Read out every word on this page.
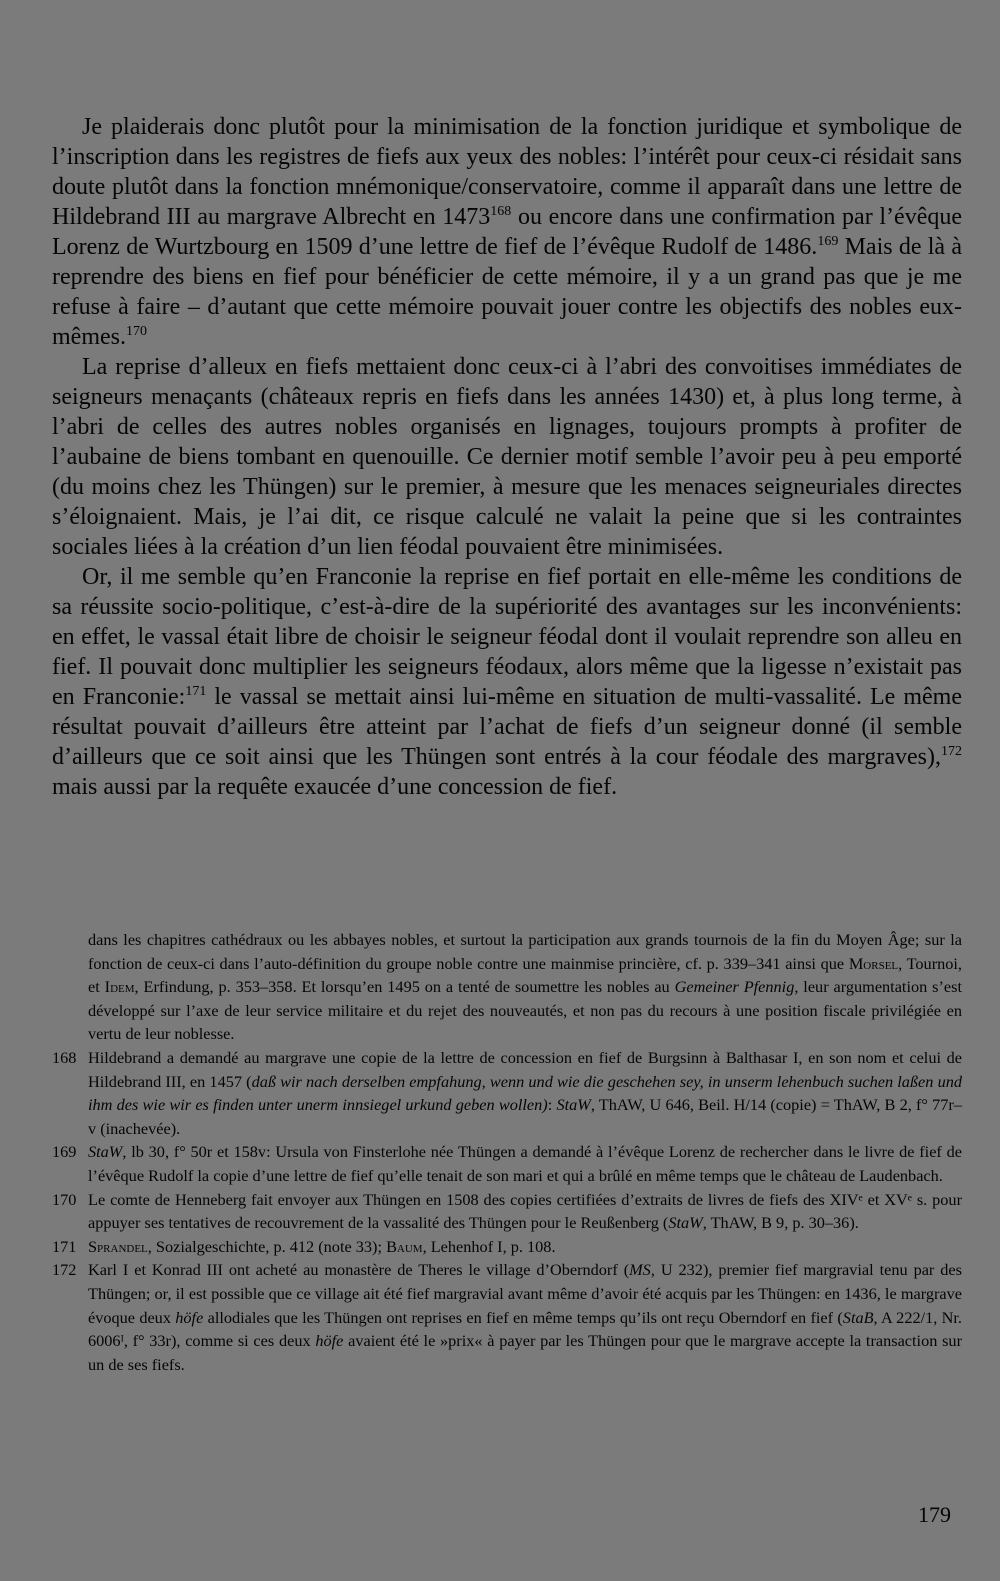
Je plaiderais donc plutôt pour la minimisation de la fonction juridique et symbolique de l’inscription dans les registres de fiefs aux yeux des nobles: l’intérêt pour ceux-ci résidait sans doute plutôt dans la fonction mnémonique/conservatoire, comme il apparaît dans une lettre de Hildebrand III au margrave Albrecht en 1473$^{168}$ ou encore dans une confirmation par l’évêque Lorenz de Wurtzbourg en 1509 d’une lettre de fief de l’évêque Rudolf de 1486.$^{169}$ Mais de là à reprendre des biens en fief pour bénéficier de cette mémoire, il y a un grand pas que je me refuse à faire – d’autant que cette mémoire pouvait jouer contre les objectifs des nobles eux-mêmes.$^{170}$

La reprise d’alleux en fiefs mettaient donc ceux-ci à l’abri des convoitises immédiates de seigneurs menaçants (châteaux repris en fiefs dans les années 1430) et, à plus long terme, à l’abri de celles des autres nobles organisés en lignages, toujours prompts à profiter de l’aubaine de biens tombant en quenouille. Ce dernier motif semble l’avoir peu à peu emporté (du moins chez les Thüngen) sur le premier, à mesure que les menaces seigneuriales directes s’éloignaient. Mais, je l’ai dit, ce risque calculé ne valait la peine que si les contraintes sociales liées à la création d’un lien féodal pouvaient être minimisées.

Or, il me semble qu’en Franconie la reprise en fief portait en elle-même les conditions de sa réussite socio-politique, c’est-à-dire de la supériorité des avantages sur les inconvénients: en effet, le vassal était libre de choisir le seigneur féodal dont il voulait reprendre son alleu en fief. Il pouvait donc multiplier les seigneurs féodaux, alors même que la ligesse n’existait pas en Franconie:$^{171}$ le vassal se mettait ainsi lui-même en situation de multi-vassalité. Le même résultat pouvait d’ailleurs être atteint par l’achat de fiefs d’un seigneur donné (il semble d’ailleurs que ce soit ainsi que les Thüngen sont entrés à la cour féodale des margraves),$^{172}$ mais aussi par la requête exaucée d’une concession de fief.

dans les chapitres cathédraux ou les abbayes nobles, et surtout la participation aux grands tournois de la fin du Moyen Âge; sur la fonction de ceux-ci dans l’auto-définition du groupe noble contre une mainmise princière, cf. p. 339–341 ainsi que Morsel, Tournoi, et Idem, Erfindung, p. 353–358. Et lorsqu’en 1495 on a tenté de soumettre les nobles au Gemeiner Pfennig, leur argumentation s’est développé sur l’axe de leur service militaire et du rejet des nouveautés, et non pas du recours à une position fiscale privilégiée en vertu de leur noblesse.

168 Hildebrand a demandé au margrave une copie de la lettre de concession en fief de Burgsinn à Balthasar I, en son nom et celui de Hildebrand III, en 1457 (daß wir nach derselben empfahung, wenn und wie die geschehen sey, in unserm lehenbuch suchen laßen und ihm des wie wir es finden unter unerm innsiegel urkund geben wollen): StaW, ThAW, U 646, Beil. H/14 (copie) = ThAW, B 2, f° 77r–v (inachevée).
169 StaW, lb 30, f° 50r et 158v: Ursula von Finsterlohe née Thüngen a demandé à l’évêque Lorenz de rechercher dans le livre de fief de l’évêque Rudolf la copie d’une lettre de fief qu’elle tenait de son mari et qui a brûlé en même temps que le château de Laudenbach.
170 Le comte de Henneberg fait envoyer aux Thüngen en 1508 des copies certifiées d’extraits de livres de fiefs des XIVᵉ et XVᵉ s. pour appuyer ses tentatives de recouvrement de la vassalité des Thüngen pour le Reußenberg (StaW, ThAW, B 9, p. 30–36).
171 Sprandel, Sozialgeschichte, p. 412 (note 33); Baum, Lehenhof I, p. 108.
172 Karl I et Konrad III ont acheté au monastère de Theres le village d’Oberndorf (MS, U 232), premier fief margravial tenu par des Thüngen; or, il est possible que ce village ait été fief margravial avant même d’avoir été acquis par les Thüngen: en 1436, le margrave évoque deux höfe allodiales que les Thüngen ont reprises en fief en même temps qu’ils ont reçu Oberndorf en fief (StaB, A 222/1, Nr. 6006ᴵ, f° 33r), comme si ces deux höfe avaient été le »prix« à payer par les Thüngen pour que le margrave accepte la transaction sur un de ses fiefs.
179
